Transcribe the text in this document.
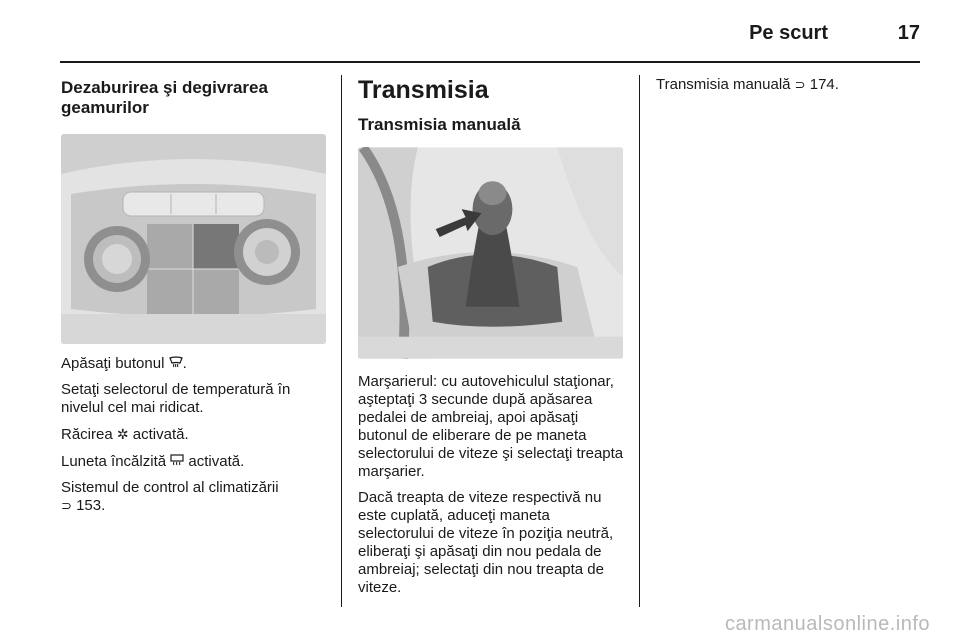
Pe scurt	17
Dezaburirea şi degivrarea geamurilor

Apăsaţi butonul .

Setaţi selectorul de temperatură în nivelul cel mai ridicat.

Răcirea ✲ activată.

Luneta încălzită activată.

Sistemul de control al climatizării
⊃ 153.

Transmisia
Transmisia manuală

Marşarierul: cu autovehiculul staţionar, aşteptaţi 3 secunde după apăsarea pedalei de ambreiaj, apoi apăsaţi butonul de eliberare de pe maneta selectorului de viteze şi selectaţi treapta marşarier.

Dacă treapta de viteze respectivă nu este cuplată, aduceţi maneta selectorului de viteze în poziţia neutră, eliberaţi şi apăsaţi din nou pedala de ambreiaj; selectaţi din nou treapta de viteze.

Transmisia manuală ⊃ 174.

carmanualsonline.info
